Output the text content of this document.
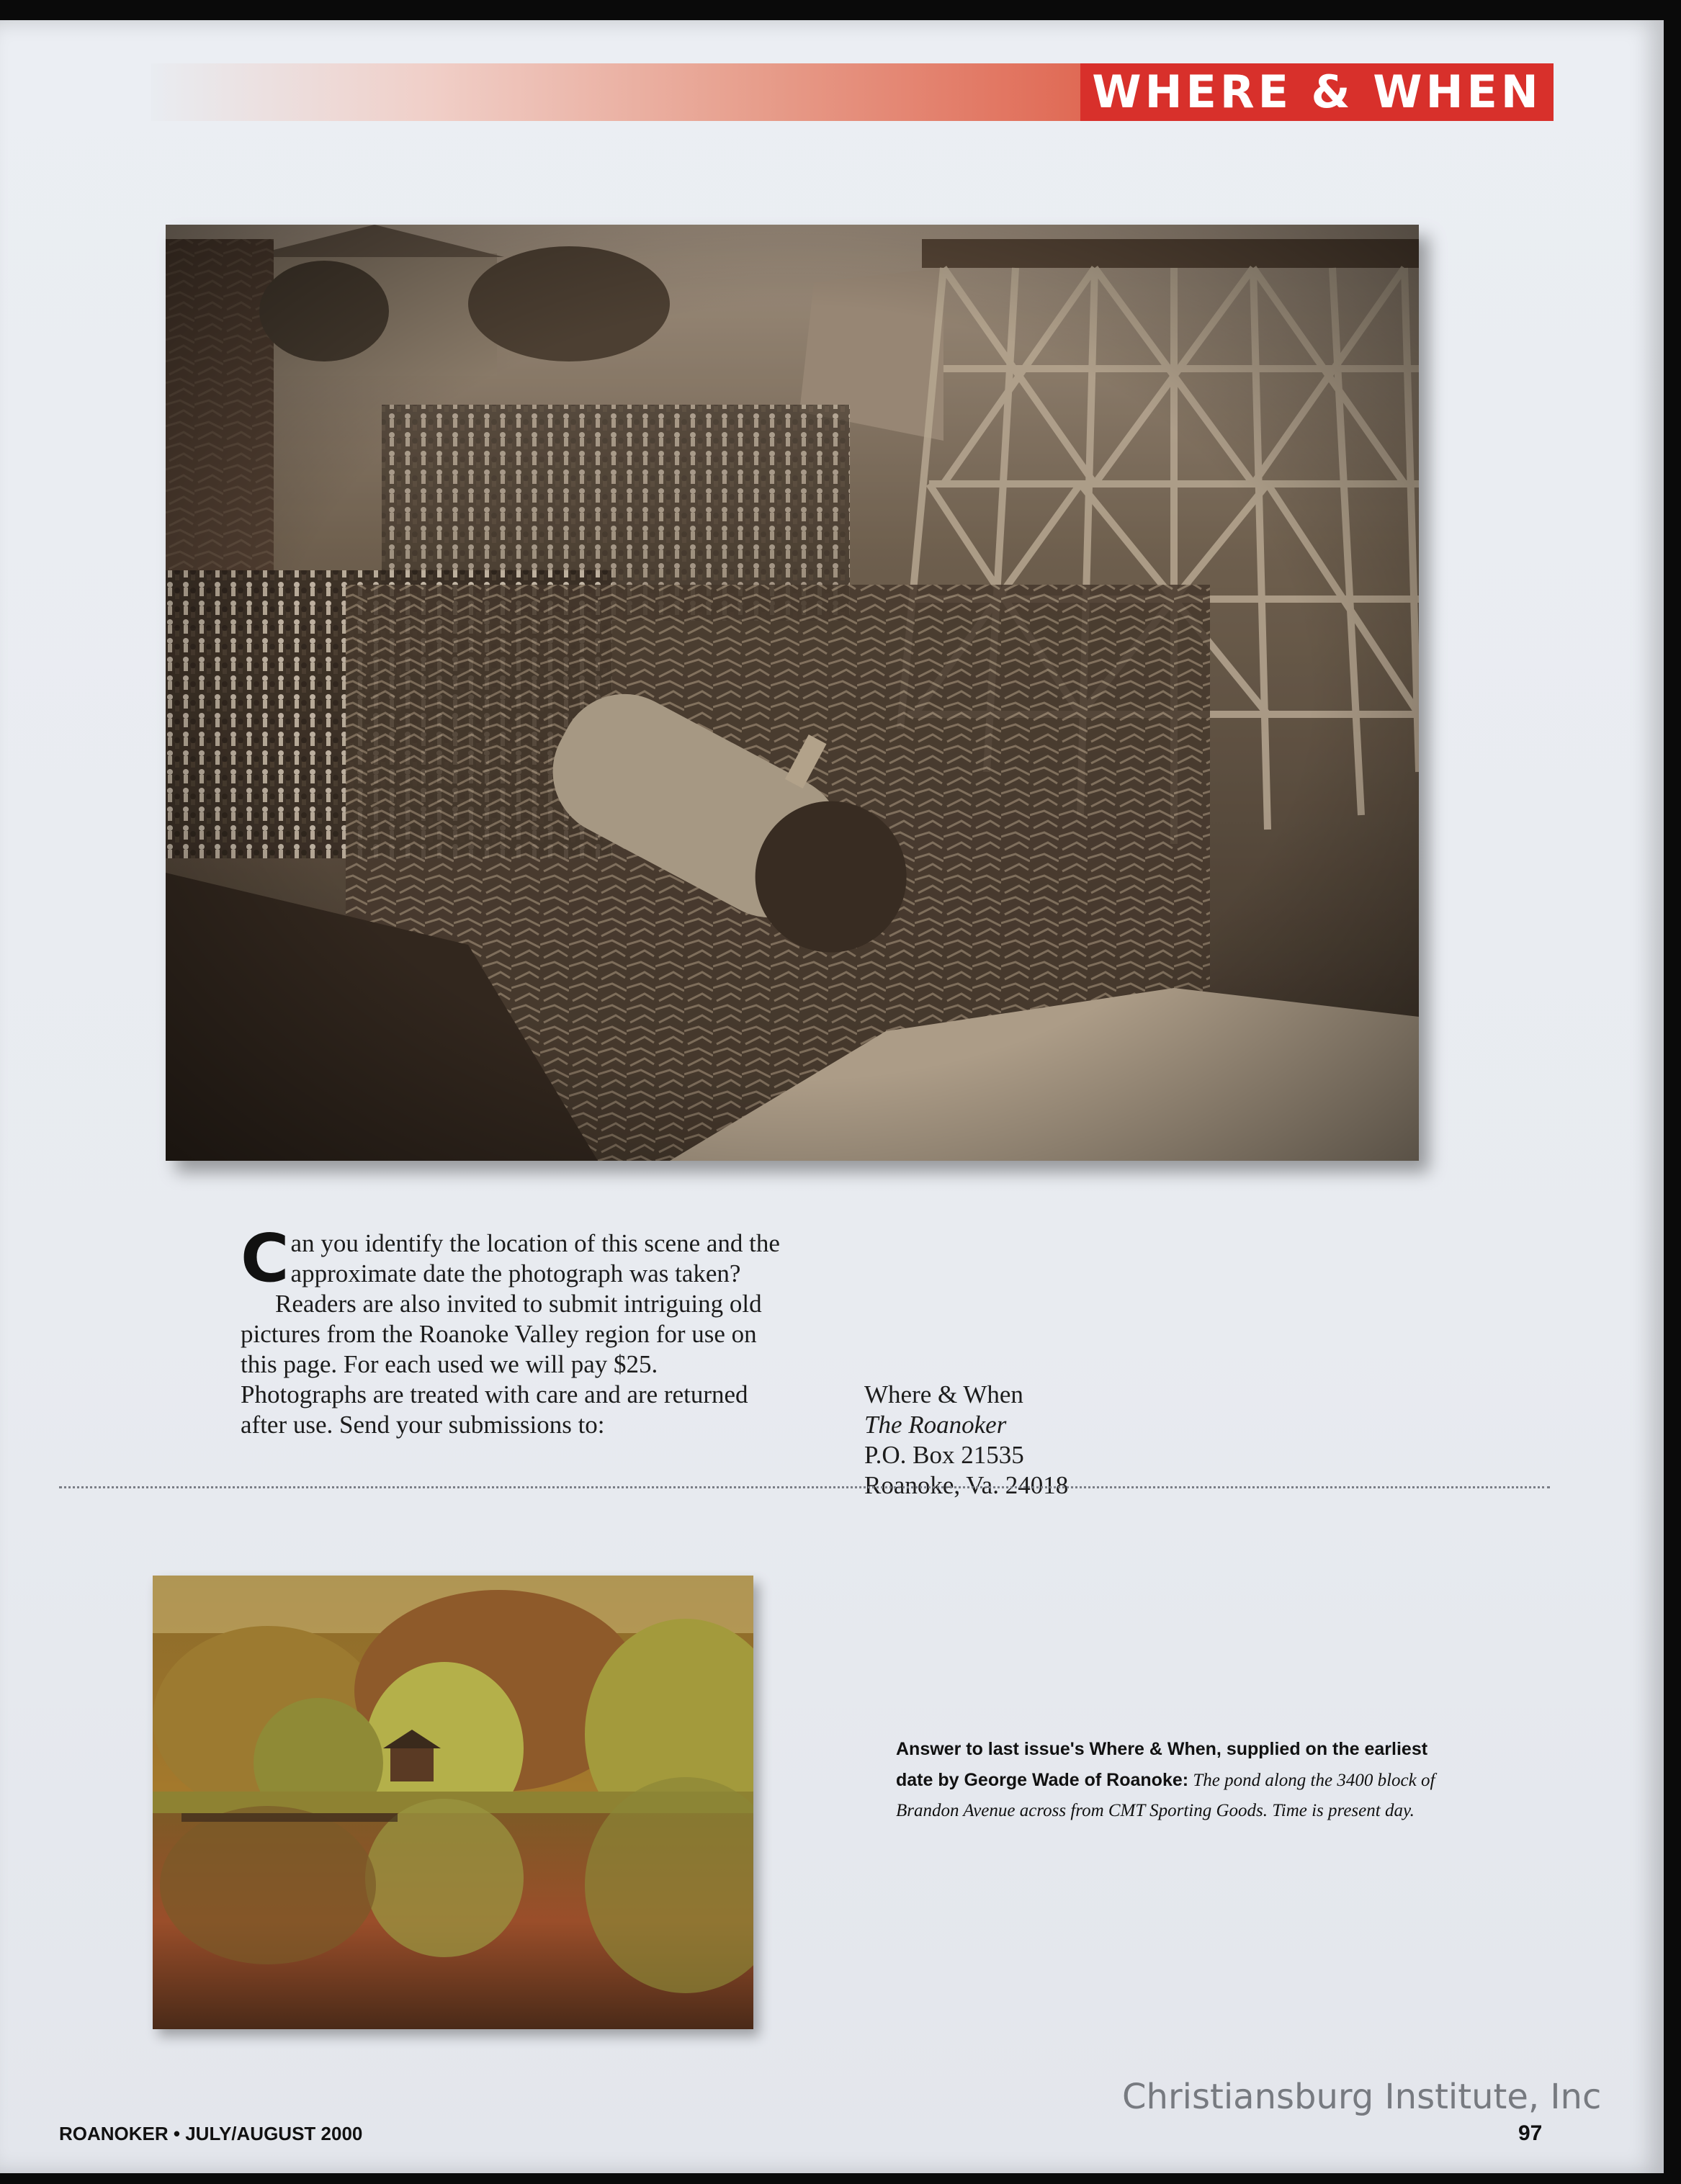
WHERE & WHEN

Can you identify the location of this scene and the approximate date the photograph was taken?

Readers are also invited to submit intriguing old pictures from the Roanoke Valley region for use on this page. For each used we will pay $25. Photographs are treated with care and are returned after use. Send your submissions to:

Where & When
The Roanoker
P.O. Box 21535
Roanoke, Va. 24018
Answer to last issue's Where & When, supplied on the earliest date by George Wade of Roanoke: The pond along the 3400 block of Brandon Avenue across from CMT Sporting Goods. Time is present day.
Christiansburg Institute, Inc
ROANOKER • JULY/AUGUST 2000	97
